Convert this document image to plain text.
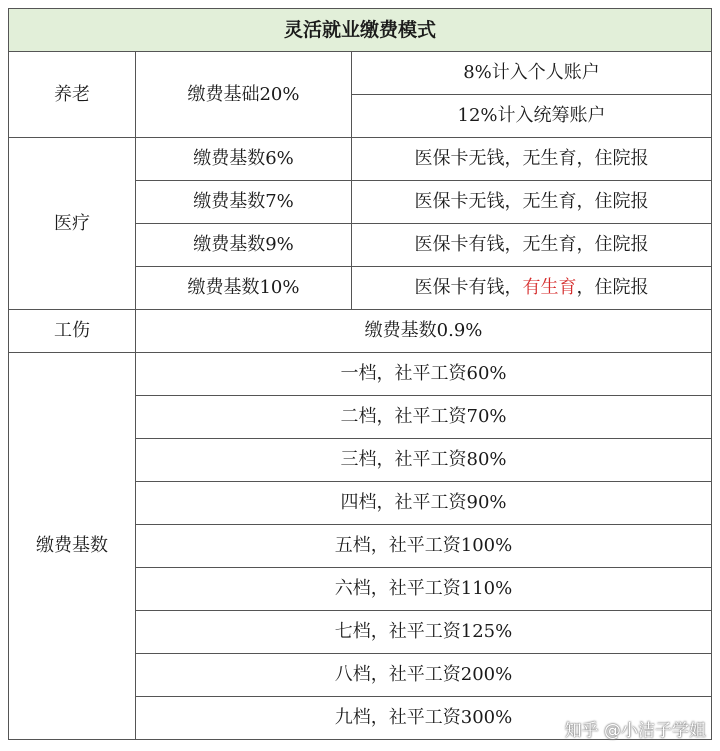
灵活就业缴费模式		
养老	缴费基础20%	8%计入个人账户
		12%计入统筹账户
医疗	缴费基数6%	医保卡无钱，无生育，住院报
	缴费基数7%	医保卡无钱，无生育，住院报
	缴费基数9%	医保卡有钱，无生育，住院报
	缴费基数10%	医保卡有钱，有生育，住院报
工伤	缴费基数0.9%	
缴费基数	一档，社平工资60%	
	二档，社平工资70%	
	三档，社平工资80%	
	四档，社平工资90%	
	五档，社平工资100%	
	六档，社平工资110%	
	七档，社平工资125%	
	八档，社平工资200%	
	九档，社平工资300%	
知乎 @小洁子学姐
